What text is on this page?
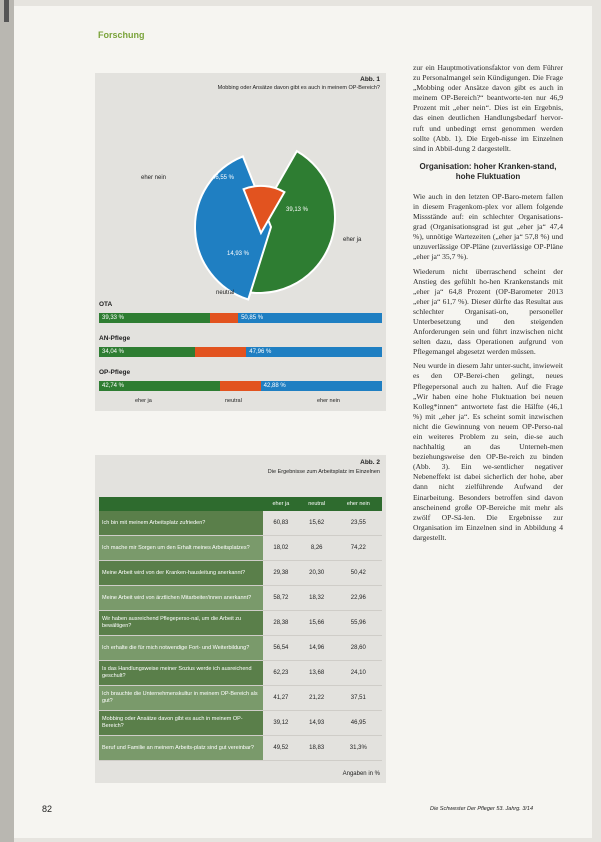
Forschung
Abb. 1
Mobbing oder Ansätze davon gibt es auch in meinem OP-Bereich?
eher nein
eher ja
neutral
46,55 %
39,13 %
14,93 %
OTA
39,33 %	50,85 %
AN-Pflege
34,04 %	47,96 %
OP-Pflege
42,74 %	42,88 %
eher ja	neutral	eher nein
Abb. 2
Die Ergebnisse zum Arbeitsplatz im Einzelnen
	eher ja	neutral	eher nein
Ich bin mit meinem Arbeitsplatz zufrieden?	60,83	15,62	23,55
Ich mache mir Sorgen um den Erhalt meines Arbeitsplatzes?	18,02	8,26	74,22
Meine Arbeit wird von der Kranken-hausleitung anerkannt?	29,38	20,30	50,42
Meine Arbeit wird von ärztlichen Mitarbeiter/innen anerkannt?	58,72	18,32	22,96
Wir haben ausreichend Pflegeperso-nal, um die Arbeit zu bewältigen?	28,38	15,66	55,96
Ich erhalte die für mich notwendige Fort- und Weiterbildung?	56,54	14,96	28,60
Is das Handlungsweise meiner Sozius werde ich ausreichend geschult?	62,23	13,68	24,10
Ich brauchte die Unternehmenskultur in meinem OP-Bereich als gut?	41,27	21,22	37,51
Mobbing oder Ansätze davon gibt es auch in meinem OP-Bereich?	39,12	14,93	46,95
Beruf und Familie an meinem Arbeits-platz sind gut vereinbar?	49,52	18,83	31,3%
Angaben in %

zur ein Hauptmotivationsfaktor von dem Führer zu Personalmangel sein Kündigungen. Die Frage „Mobbing oder Ansätze davon gibt es auch in meinem OP-Bereich?“ beantworte-ten nur 46,9 Prozent mit „eher nein“. Dies ist ein Ergebnis, das einen deutlichen Handlungsbedarf hervor-ruft und unbedingt ernst genommen werden sollte (Abb. 1). Die Ergeb-nisse im Einzelnen sind in Abbil-dung 2 dargestellt.

Organisation: hoher Kranken-stand, hohe Fluktuation

Wie auch in den letzten OP-Baro-metern fallen in diesem Fragenkom-plex vor allem folgende Missstände auf: ein schlechter Organisations-grad (Organisationsgrad ist gut „eher ja“ 47,4 %), unnötige Wartezeiten („eher ja“ 57,8 %) und unzuverlässige OP-Pläne (zuverlässige OP-Pläne „eher ja“ 35,7 %).

Wiederum nicht überraschend scheint der Anstieg des gefühlt ho-hen Krankenstands mit „eher ja“ 64,8 Prozent (OP-Barometer 2013 „eher ja“ 61,7 %). Dieser dürfte das Resultat aus schlechter Organisati-on, personeller Unterbesetzung und den steigenden Anforderungen sein und führt inzwischen nicht selten dazu, dass Operationen aufgrund von Pflegemangel abgesetzt werden müssen.

Neu wurde in diesem Jahr unter-sucht, inwieweit es den OP-Berei-chen gelingt, neues Pflegepersonal auch zu halten. Auf die Frage „Wir haben eine hohe Fluktuation bei neuen Kolleg*innen“ antwortete fast die Hälfte (46,1 %) mit „eher ja“. Es scheint somit inzwischen nicht die Gewinnung von neuem OP-Perso-nal ein weiteres Problem zu sein, die-se auch nachhaltig an das Unterneh-men beziehungsweise den OP-Be-reich zu binden (Abb. 3). Ein we-sentlicher negativer Nebeneffekt ist dabei sicherlich der hohe, aber dann nicht zielführende Aufwand der Einarbeitung. Besonders betroffen sind davon anscheinend große OP-Bereiche mit mehr als zwölf OP-Sä-len. Die Ergebnisse zur Organisation im Einzelnen sind in Abbildung 4 dargestellt.

82	Die Schwester Der Pfleger 53. Jahrg. 3/14
